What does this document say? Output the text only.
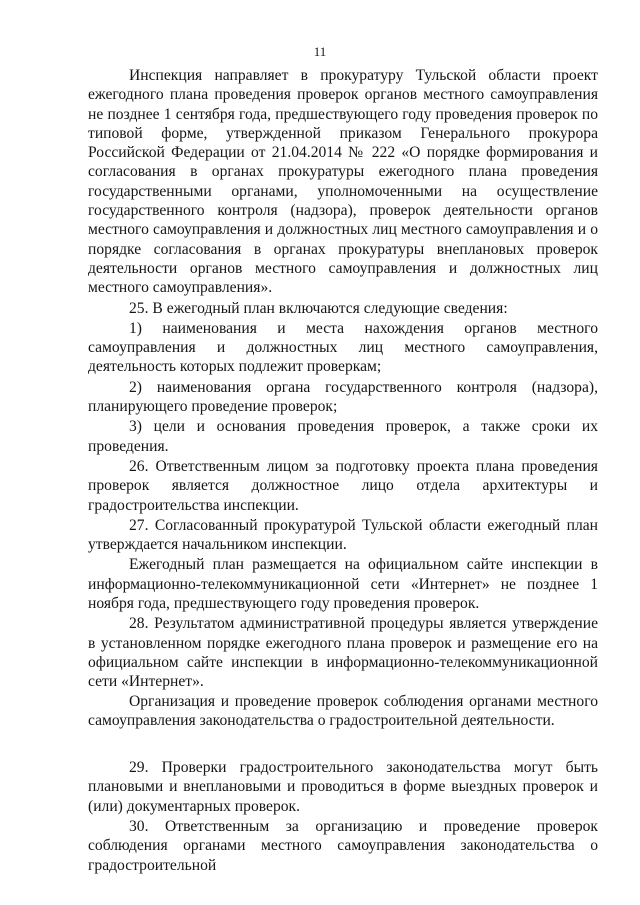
11

Инспекция направляет в прокуратуру Тульской области проект ежегодного плана проведения проверок органов местного самоуправления не позднее 1 сентября года, предшествующего году проведения проверок по типовой форме, утвержденной приказом Генерального прокурора Российской Федерации от 21.04.2014 № 222 «О порядке формирования и согласования в органах прокуратуры ежегодного плана проведения государственными органами, уполномоченными на осуществление государственного контроля (надзора), проверок деятельности органов местного самоуправления и должностных лиц местного самоуправления и о порядке согласования в органах прокуратуры внеплановых проверок деятельности органов местного самоуправления и должностных лиц местного самоуправления».

25. В ежегодный план включаются следующие сведения:

1) наименования и места нахождения органов местного самоуправления и должностных лиц местного самоуправления, деятельность которых подлежит проверкам;

2) наименования органа государственного контроля (надзора), планирующего проведение проверок;

3) цели и основания проведения проверок, а также сроки их проведения.

26. Ответственным лицом за подготовку проекта плана проведения проверок является должностное лицо отдела архитектуры и градостроительства инспекции.

27. Согласованный прокуратурой Тульской области ежегодный план утверждается начальником инспекции.

Ежегодный план размещается на официальном сайте инспекции в информационно-телекоммуникационной сети «Интернет» не позднее 1 ноября года, предшествующего году проведения проверок.

28. Результатом административной процедуры является утверждение в установленном порядке ежегодного плана проверок и размещение его на официальном сайте инспекции в информационно-телекоммуникационной сети «Интернет».

Организация и проведение проверок соблюдения органами местного самоуправления законодательства о градостроительной деятельности.

29. Проверки градостроительного законодательства могут быть плановыми и внеплановыми и проводиться в форме выездных проверок и (или) документарных проверок.

30. Ответственным за организацию и проведение проверок соблюдения органами местного самоуправления законодательства о градостроительной
